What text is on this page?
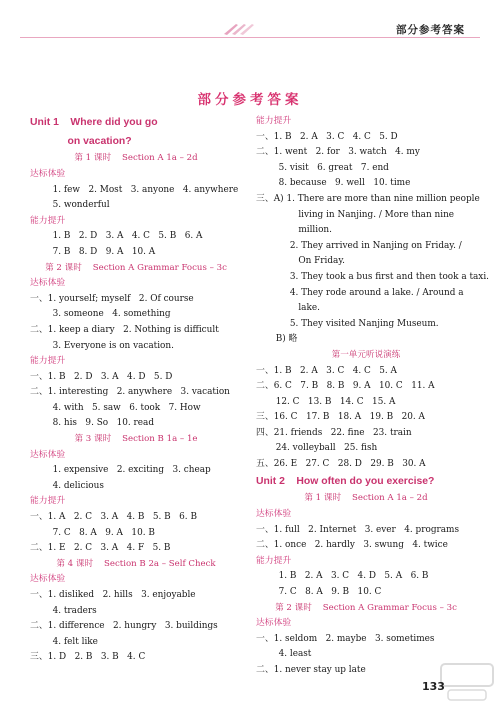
部分参考答案
部分参考答案
Unit 1    Where did you go
on vacation?
第 1 课时    Section A 1a – 2d
达标体验
1. few   2. Most   3. anyone   4. anywhere
5. wonderful
能力提升
1. B   2. D   3. A   4. C   5. B   6. A
7. B   8. D   9. A   10. A
第 2 课时    Section A Grammar Focus – 3c
达标体验
一、1. yourself; myself   2. Of course
3. someone   4. something
二、1. keep a diary   2. Nothing is difficult
3. Everyone is on vacation.
能力提升
一、1. B   2. D   3. A   4. D   5. D
二、1. interesting   2. anywhere   3. vacation
4. with   5. saw   6. took   7. How
8. his   9. So   10. read
第 3 课时    Section B 1a – 1e
达标体验
1. expensive   2. exciting   3. cheap
4. delicious
能力提升
一、1. A   2. C   3. A   4. B   5. B   6. B
7. C   8. A   9. A   10. B
二、1. E   2. C   3. A   4. F   5. B
第 4 课时    Section B 2a – Self Check
达标体验
一、1. disliked   2. hills   3. enjoyable
4. traders
二、1. difference   2. hungry   3. buildings
4. felt like
三、1. D   2. B   3. B   4. C
能力提升
一、1. B   2. A   3. C   4. C   5. D
二、1. went   2. for   3. watch   4. my
5. visit   6. great   7. end
8. because   9. well   10. time
三、A) 1. There are more than nine million people
living in Nanjing. / More than nine
million.
2. They arrived in Nanjing on Friday. /
On Friday.
3. They took a bus first and then took a taxi.
4. They rode around a lake. / Around a
lake.
5. They visited Nanjing Museum.
B) 略
第一单元听说演练
一、1. B   2. A   3. C   4. C   5. A
二、6. C   7. B   8. B   9. A   10. C   11. A
12. C   13. B   14. C   15. A
三、16. C   17. B   18. A   19. B   20. A
四、21. friends   22. fine   23. train
24. volleyball   25. fish
五、26. E   27. C   28. D   29. B   30. A
Unit 2    How often do you exercise?
第 1 课时    Section A 1a – 2d
达标体验
一、1. full   2. Internet   3. ever   4. programs
二、1. once   2. hardly   3. swung   4. twice
能力提升
1. B   2. A   3. C   4. D   5. A   6. B
7. C   8. A   9. B   10. C
第 2 课时    Section A Grammar Focus – 3c
达标体验
一、1. seldom   2. maybe   3. sometimes
4. least
二、1. never stay up late
133
